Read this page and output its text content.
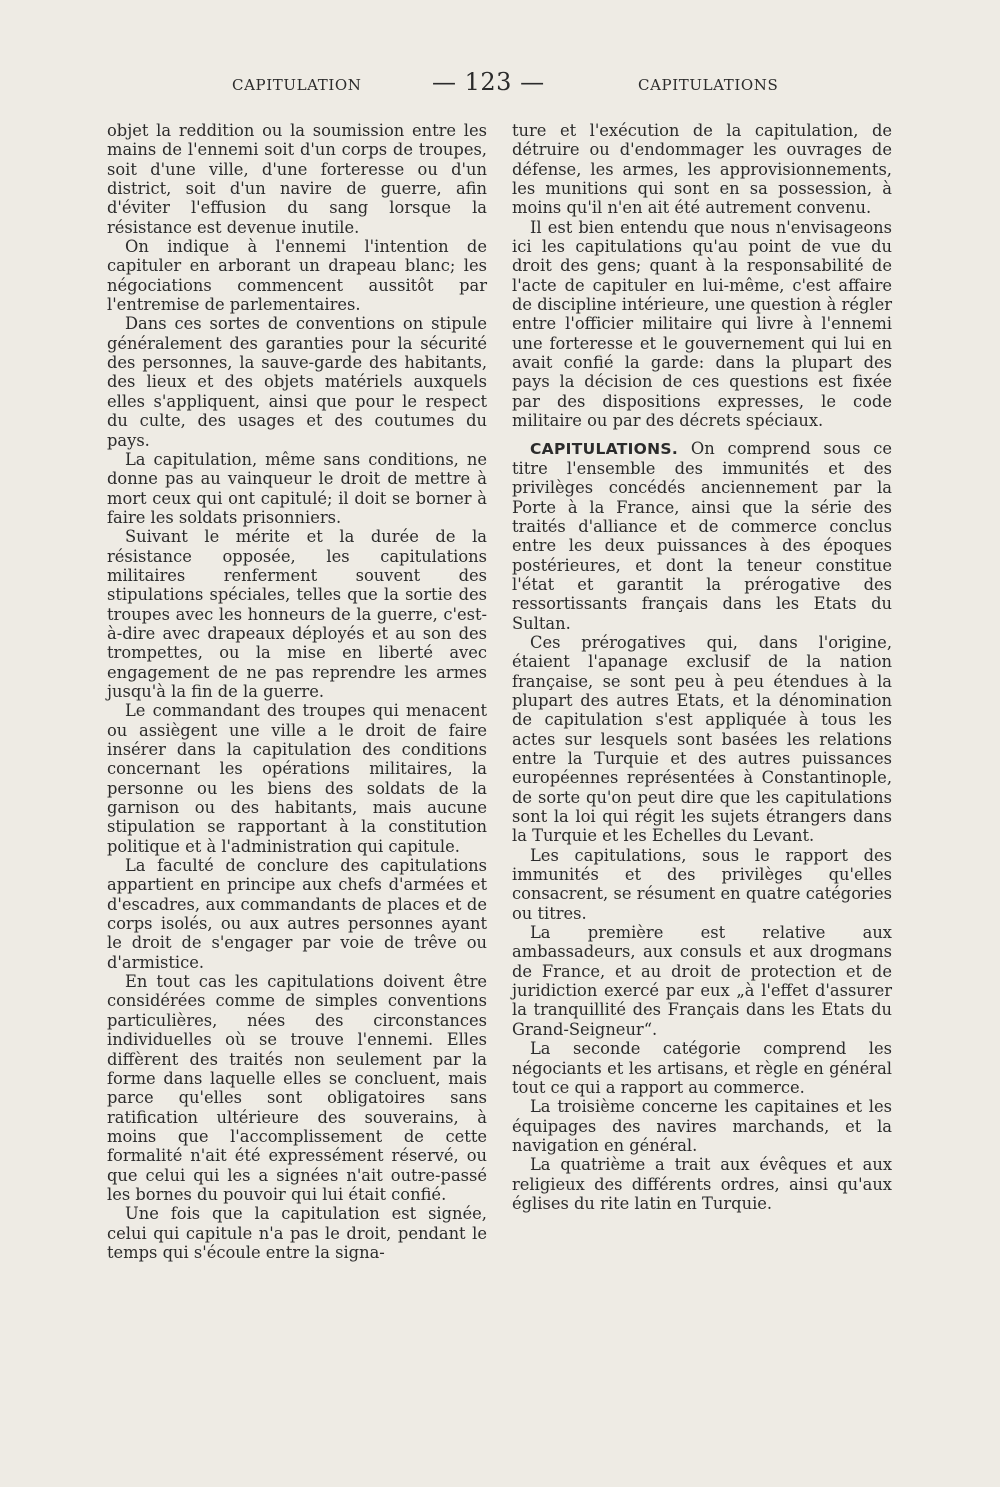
CAPITULATION	— 123 —	CAPITULATIONS

objet la reddition ou la soumission entre les mains de l'ennemi soit d'un corps de troupes, soit d'une ville, d'une forteresse ou d'un district, soit d'un navire de guerre, afin d'éviter l'effusion du sang lorsque la résistance est devenue inutile.

On indique à l'ennemi l'intention de capituler en arborant un drapeau blanc; les négociations commencent aussitôt par l'entremise de parlementaires.

Dans ces sortes de conventions on stipule généralement des garanties pour la sécurité des personnes, la sauve-garde des habitants, des lieux et des objets matériels auxquels elles s'appliquent, ainsi que pour le respect du culte, des usages et des coutumes du pays.

La capitulation, même sans conditions, ne donne pas au vainqueur le droit de mettre à mort ceux qui ont capitulé; il doit se borner à faire les soldats prisonniers.

Suivant le mérite et la durée de la résistance opposée, les capitulations militaires renferment souvent des stipulations spéciales, telles que la sortie des troupes avec les honneurs de la guerre, c'est-à-dire avec drapeaux déployés et au son des trompettes, ou la mise en liberté avec engagement de ne pas reprendre les armes jusqu'à la fin de la guerre.

Le commandant des troupes qui menacent ou assiègent une ville a le droit de faire insérer dans la capitulation des conditions concernant les opérations militaires, la personne ou les biens des soldats de la garnison ou des habitants, mais aucune stipulation se rapportant à la constitution politique et à l'administration qui capitule.

La faculté de conclure des capitulations appartient en principe aux chefs d'armées et d'escadres, aux commandants de places et de corps isolés, ou aux autres personnes ayant le droit de s'engager par voie de trêve ou d'armistice.

En tout cas les capitulations doivent être considérées comme de simples conventions particulières, nées des circonstances individuelles où se trouve l'ennemi. Elles diffèrent des traités non seulement par la forme dans laquelle elles se concluent, mais parce qu'elles sont obligatoires sans ratification ultérieure des souverains, à moins que l'accomplissement de cette formalité n'ait été expressément réservé, ou que celui qui les a signées n'ait outre-passé les bornes du pouvoir qui lui était confié.

Une fois que la capitulation est signée, celui qui capitule n'a pas le droit, pendant le temps qui s'écoule entre la signa-

ture et l'exécution de la capitulation, de détruire ou d'endommager les ouvrages de défense, les armes, les approvisionnements, les munitions qui sont en sa possession, à moins qu'il n'en ait été autrement convenu.

Il est bien entendu que nous n'envisageons ici les capitulations qu'au point de vue du droit des gens; quant à la responsabilité de l'acte de capituler en lui-même, c'est affaire de discipline intérieure, une question à régler entre l'officier militaire qui livre à l'ennemi une forteresse et le gouvernement qui lui en avait confié la garde: dans la plupart des pays la décision de ces questions est fixée par des dispositions expresses, le code militaire ou par des décrets spéciaux.

CAPITULATIONS. On comprend sous ce titre l'ensemble des immunités et des privilèges concédés anciennement par la Porte à la France, ainsi que la série des traités d'alliance et de commerce conclus entre les deux puissances à des époques postérieures, et dont la teneur constitue l'état et garantit la prérogative des ressortissants français dans les Etats du Sultan.

Ces prérogatives qui, dans l'origine, étaient l'apanage exclusif de la nation française, se sont peu à peu étendues à la plupart des autres Etats, et la dénomination de capitulation s'est appliquée à tous les actes sur lesquels sont basées les relations entre la Turquie et des autres puissances européennes représentées à Constantinople, de sorte qu'on peut dire que les capitulations sont la loi qui régit les sujets étrangers dans la Turquie et les Echelles du Levant.

Les capitulations, sous le rapport des immunités et des privilèges qu'elles consacrent, se résument en quatre catégories ou titres.

La première est relative aux ambassadeurs, aux consuls et aux drogmans de France, et au droit de protection et de juridiction exercé par eux „à l'effet d'assurer la tranquillité des Français dans les Etats du Grand-Seigneur“.

La seconde catégorie comprend les négociants et les artisans, et règle en général tout ce qui a rapport au commerce.

La troisième concerne les capitaines et les équipages des navires marchands, et la navigation en général.

La quatrième a trait aux évêques et aux religieux des différents ordres, ainsi qu'aux églises du rite latin en Turquie.
